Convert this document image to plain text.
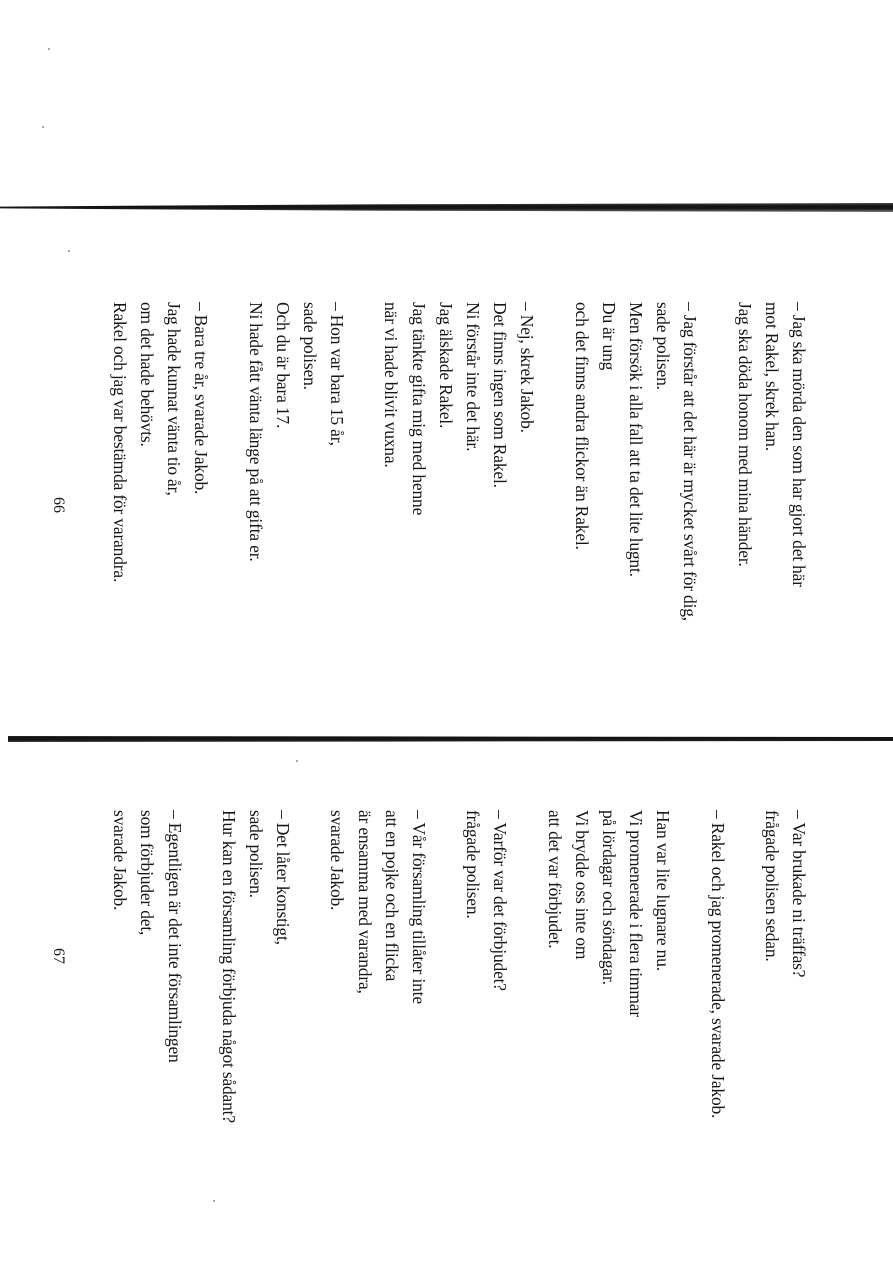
– Jag ska mörda den som har gjort det här
mot Rakel, skrek han.
Jag ska döda honom med mina händer.
– Jag förstår att det här är mycket svårt för dig,
sade polisen.
Men försök i alla fall att ta det lite lugnt.
Du är ung
och det finns andra flickor än Rakel.
– Nej, skrek Jakob.
Det finns ingen som Rakel.
Ni förstår inte det här.
Jag älskade Rakel.
Jag tänkte gifta mig med henne
när vi hade blivit vuxna.
– Hon var bara 15 år,
sade polisen.
Och du är bara 17.
Ni hade fått vänta länge på att gifta er.
– Bara tre år, svarade Jakob.
Jag hade kunnat vänta tio år,
om det hade behövts.
Rakel och jag var bestämda för varandra.
66
– Var brukade ni träffas?
frågade polisen sedan.
– Rakel och jag promenerade, svarade Jakob.
Han var lite lugnare nu.
Vi promenerade i flera timmar
på lördagar och söndagar.
Vi brydde oss inte om
att det var förbjudet.
– Varför var det förbjudet?
frågade polisen.
– Vår församling tillåter inte
att en pojke och en flicka
är ensamma med varandra,
svarade Jakob.
– Det låter konstigt,
sade polisen.
Hur kan en församling förbjuda något sådant?
– Egentligen är det inte församlingen
som förbjuder det,
svarade Jakob.
67
